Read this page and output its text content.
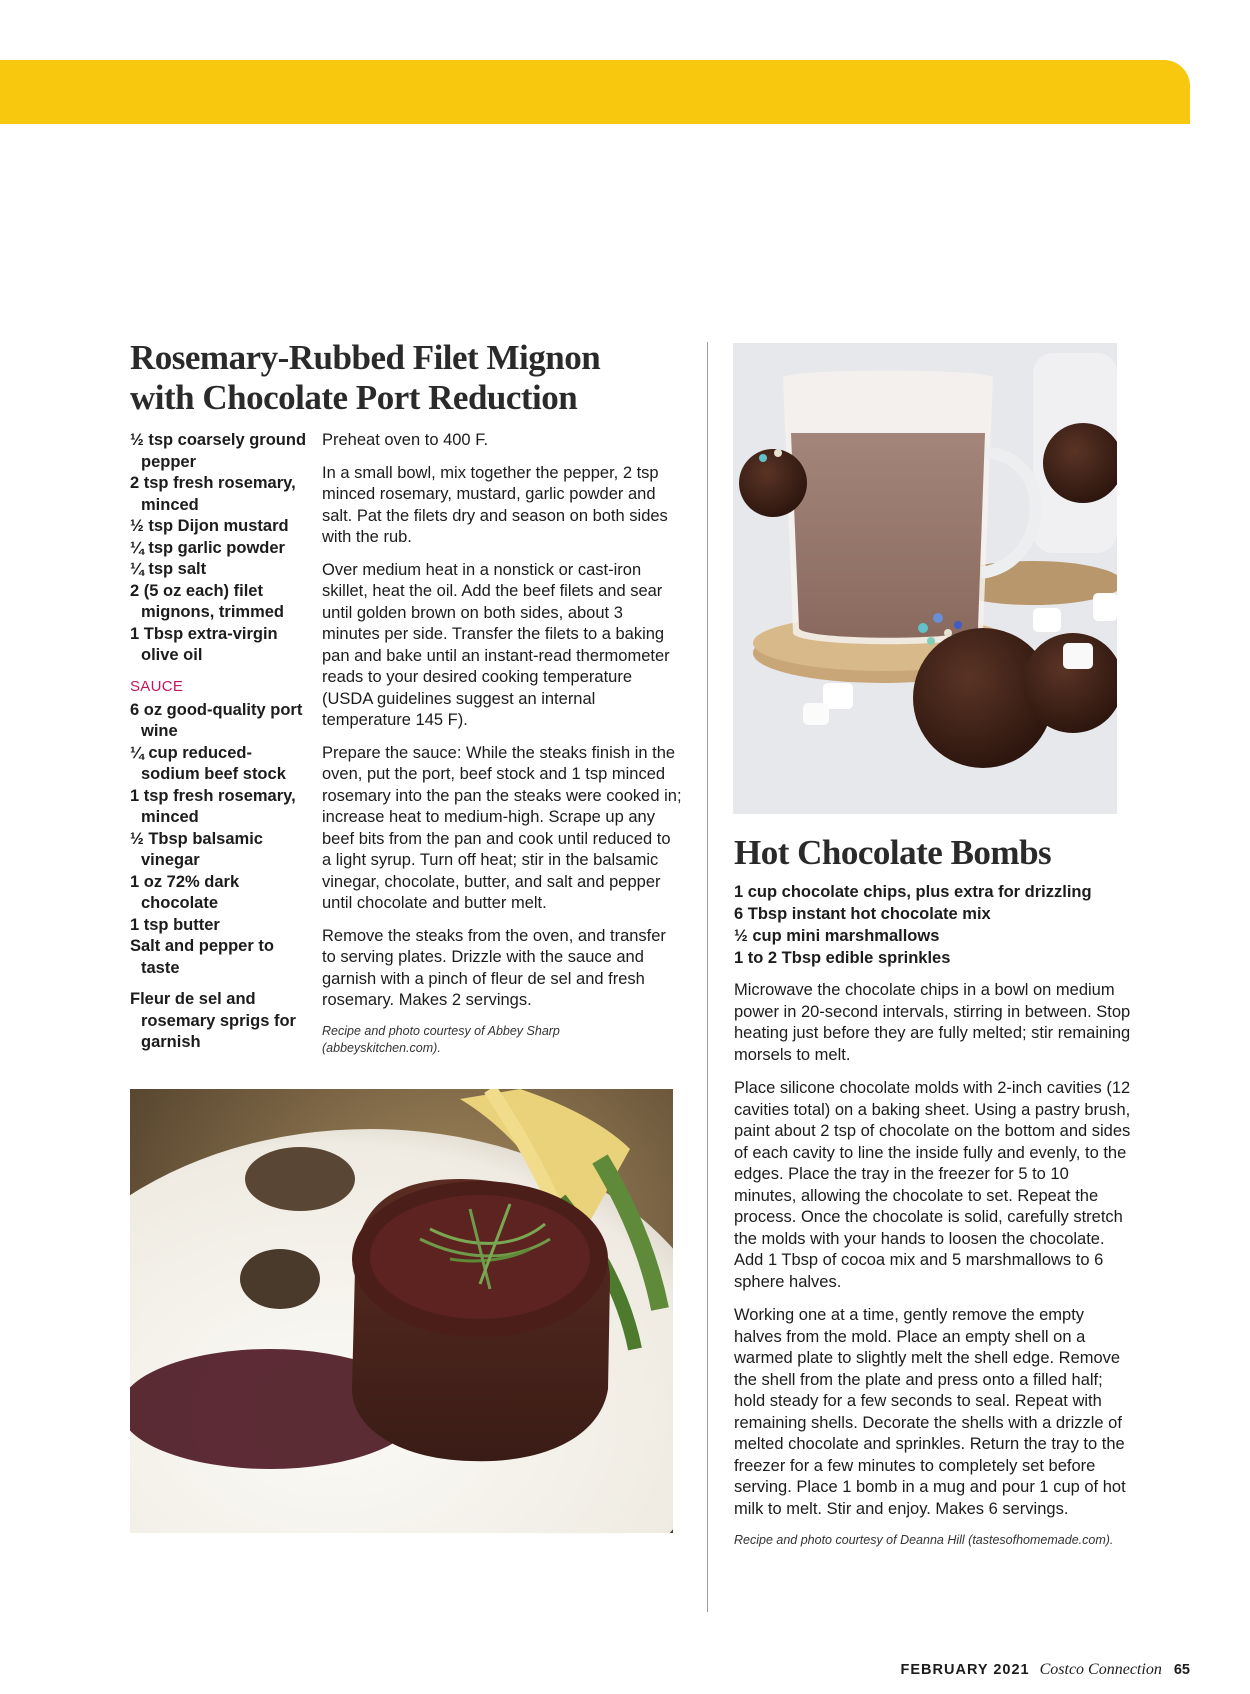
Rosemary-Rubbed Filet Mignon
with Chocolate Port Reduction
½ tsp coarsely ground pepper
2 tsp fresh rosemary, minced
½ tsp Dijon mustard
¼ tsp garlic powder
¼ tsp salt
2 (5 oz each) filet mignons, trimmed
1 Tbsp extra-virgin olive oil
SAUCE
6 oz good-quality port wine
¼ cup reduced-sodium beef stock
1 tsp fresh rosemary, minced
½ Tbsp balsamic vinegar
1 oz 72% dark chocolate
1 tsp butter
Salt and pepper to taste
Fleur de sel and rosemary sprigs for garnish

Preheat oven to 400 F.

In a small bowl, mix together the pepper, 2 tsp minced rosemary, mustard, garlic powder and salt. Pat the filets dry and season on both sides with the rub.

Over medium heat in a nonstick or cast-iron skillet, heat the oil. Add the beef filets and sear until golden brown on both sides, about 3 minutes per side. Transfer the filets to a baking pan and bake until an instant-read thermometer reads to your desired cooking temperature (USDA guidelines suggest an internal temperature 145 F).

Prepare the sauce: While the steaks finish in the oven, put the port, beef stock and 1 tsp minced rosemary into the pan the steaks were cooked in; increase heat to medium-high. Scrape up any beef bits from the pan and cook until reduced to a light syrup. Turn off heat; stir in the balsamic vinegar, chocolate, butter, and salt and pepper until chocolate and butter melt.

Remove the steaks from the oven, and transfer to serving plates. Drizzle with the sauce and garnish with a pinch of fleur de sel and fresh rosemary. Makes 2 servings.

Recipe and photo courtesy of Abbey Sharp (abbeyskitchen.com).

Hot Chocolate Bombs
1 cup chocolate chips, plus extra for drizzling
6 Tbsp instant hot chocolate mix
½ cup mini marshmallows
1 to 2 Tbsp edible sprinkles

Microwave the chocolate chips in a bowl on medium power in 20-second intervals, stirring in between. Stop heating just before they are fully melted; stir remaining morsels to melt.

Place silicone chocolate molds with 2-inch cavities (12 cavities total) on a baking sheet. Using a pastry brush, paint about 2 tsp of chocolate on the bottom and sides of each cavity to line the inside fully and evenly, to the edges. Place the tray in the freezer for 5 to 10 minutes, allowing the chocolate to set. Repeat the process. Once the chocolate is solid, carefully stretch the molds with your hands to loosen the chocolate. Add 1 Tbsp of cocoa mix and 5 marshmallows to 6 sphere halves.

Working one at a time, gently remove the empty halves from the mold. Place an empty shell on a warmed plate to slightly melt the shell edge. Remove the shell from the plate and press onto a filled half; hold steady for a few seconds to seal. Repeat with remaining shells. Decorate the shells with a drizzle of melted chocolate and sprinkles. Return the tray to the freezer for a few minutes to completely set before serving. Place 1 bomb in a mug and pour 1 cup of hot milk to melt. Stir and enjoy. Makes 6 servings.

Recipe and photo courtesy of Deanna Hill (tastesofhomemade.com).

FEBRUARY 2021 Costco Connection 65
